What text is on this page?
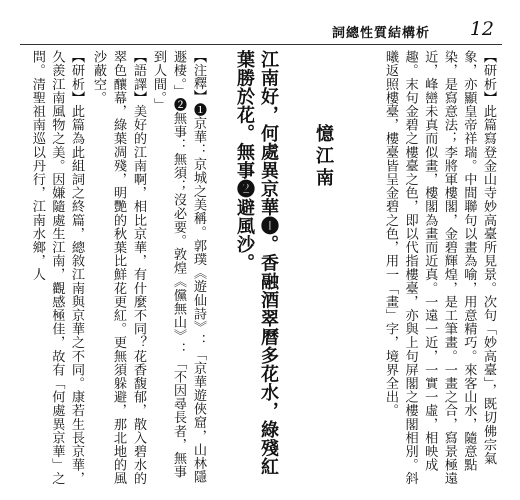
詞總性質結構析 12
【研析】此篇寫登金山寺妙高臺所見景。次句「妙高臺」，既切佛宗氣象，亦顯皇帝祥瑞。中間聯句以畫為喻，用意精巧。來客山水，隨意點染，是寫意法；李將軍樓閣，金碧輝煌，是工筆畫。一畫之合，寫景極遠近，峰巒未真而似畫，樓閣為畫而近真。一遠一近，一實一虛，相映成趣。末句金碧之樓臺之色，即以代指樓臺，亦與上句屏閣之樓閣相別。斜曦返照樓臺，樓臺皆呈金碧之色，用一「畫」字，境界全出。
憶江南
江南好，何處異京華❶。香融酒翠曆多花水，綠殘紅葉勝於花。無事❷避風沙。
【注釋】❶京華：京城之美稱。郭璞《遊仙詩》：「京華遊俠窟，山林隱遯棲。」❷無事：無須；沒必要。敦煌《儻無山》：「不因尋長者，無事到人間。」
【語譯】美好的江南啊，相比京華，有什麼不同？花香馥郁，散入碧水的翠色釀幕，綠葉凋殘，明艷的秋葉比鮮花更紅。更無須躲避，那北地的風沙蔽空。
【研析】此篇為此組詞之終篇，總敘江南與京華之不同。康若生長京華，久羨江南風物之美。因嫌隨處生江南，觀感極佳，故有「何處異京華」之問。清聖祖南巡以丹行，江南水鄉，人
